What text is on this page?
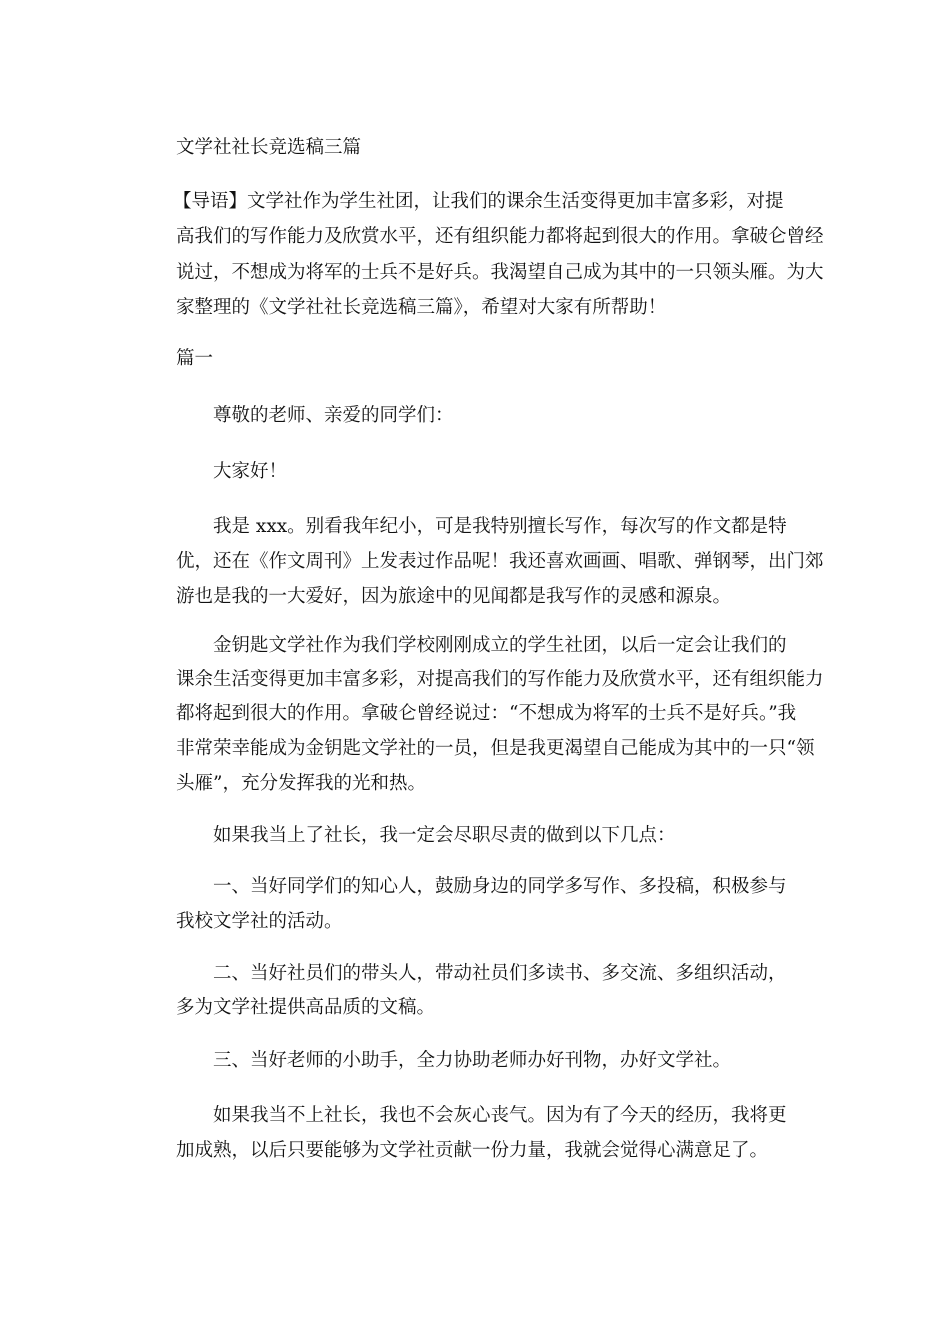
文学社社长竞选稿三篇

【导语】文学社作为学生社团，让我们的课余生活变得更加丰富多彩，对提

高我们的写作能力及欣赏水平，还有组织能力都将起到很大的作用。拿破仑曾经

说过，不想成为将军的士兵不是好兵。我渴望自己成为其中的一只领头雁。为大

家整理的《文学社社长竞选稿三篇》，希望对大家有所帮助！

篇一

尊敬的老师、亲爱的同学们：

大家好！

我是 xxx。别看我年纪小，可是我特别擅长写作，每次写的作文都是特

优，还在《作文周刊》上发表过作品呢！我还喜欢画画、唱歌、弹钢琴，出门郊

游也是我的一大爱好，因为旅途中的见闻都是我写作的灵感和源泉。

金钥匙文学社作为我们学校刚刚成立的学生社团，以后一定会让我们的

课余生活变得更加丰富多彩，对提高我们的写作能力及欣赏水平，还有组织能力

都将起到很大的作用。拿破仑曾经说过：“不想成为将军的士兵不是好兵。”我

非常荣幸能成为金钥匙文学社的一员，但是我更渴望自己能成为其中的一只“领

头雁”，充分发挥我的光和热。

如果我当上了社长，我一定会尽职尽责的做到以下几点：

一、当好同学们的知心人，鼓励身边的同学多写作、多投稿，积极参与

我校文学社的活动。

二、当好社员们的带头人，带动社员们多读书、多交流、多组织活动，

多为文学社提供高品质的文稿。

三、当好老师的小助手，全力协助老师办好刊物，办好文学社。

如果我当不上社长，我也不会灰心丧气。因为有了今天的经历，我将更

加成熟，以后只要能够为文学社贡献一份力量，我就会觉得心满意足了。
